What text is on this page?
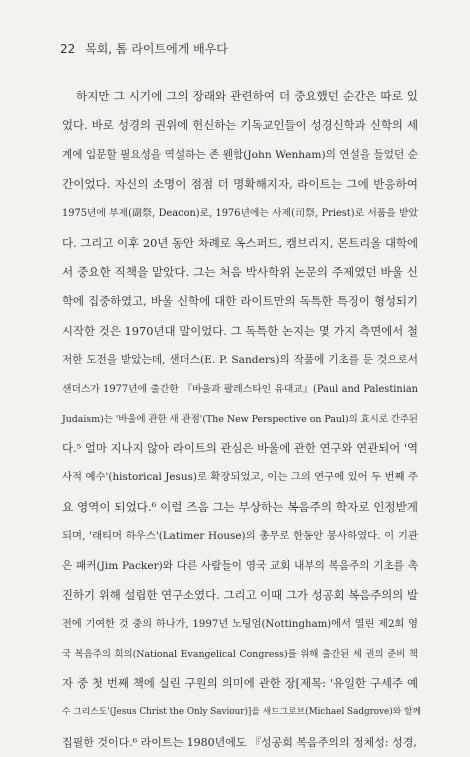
22 목회, 톰 라이트에게 배우다
하지만 그 시기에 그의 장래와 관련하여 더 중요했던 순간은 따로 있
었다. 바로 성경의 권위에 헌신하는 기독교인들이 성경신학과 신학의 세
계에 입문할 필요성을 역설하는 존 웬함(John Wenham)의 연설을 들었던 순
간이었다. 자신의 소명이 점점 더 명확해지자, 라이트는 그에 반응하여
1975년에 부제(副祭, Deacon)로, 1976년에는 사제(司祭, Priest)로 서품을 받았
다. 그리고 이후 20년 동안 차례로 옥스퍼드, 캠브리지, 몬트리올 대학에
서 중요한 직책을 맡았다. 그는 처음 박사학위 논문의 주제였던 바울 신
학에 집중하였고, 바울 신학에 대한 라이트만의 독특한 특징이 형성되기
시작한 것은 1970년대 말이었다. 그 독특한 논지는 몇 가지 측면에서 철
저한 도전을 받았는데, 샌더스(E. P. Sanders)의 작품에 기초를 둔 것으로서
샌더스가 1977년에 출간한 『바울과 팔레스타인 유대교』(Paul and Palestinian
Judaism)는 '바울에 관한 새 관점'(The New Perspective on Paul)의 효시로 간주된
다.⁵ 얼마 지나지 않아 라이트의 관심은 바울에 관한 연구와 연관되어 '역
사적 예수'(historical Jesus)로 확장되었고, 이는 그의 연구에 있어 두 번째 주
요 영역이 되었다.⁶ 이럴 즈음 그는 부상하는 복음주의 학자로 인정받게
되며, '래티머 하우스'(Latimer House)의 총무로 한동안 봉사하였다. 이 기관
은 패커(Jim Packer)와 다른 사람들이 영국 교회 내부의 복음주의 기초를 촉
진하기 위해 설립한 연구소였다. 그리고 이때 그가 성공회 복음주의의 발
전에 기여한 것 중의 하나가, 1997년 노팅엄(Nottingham)에서 열린 제2회 영
국 복음주의 회의(National Evangelical Congress)를 위해 출간된 세 권의 준비 책
자 중 첫 번째 책에 실린 구원의 의미에 관한 장[제목: '유일한 구세주 예
수 그리스도'(Jesus Christ the Only Saviour)]을 새드그로브(Michael Sadgrove)와 함께
집필한 것이다.⁶ 라이트는 1980년에도 『성공회 복음주의의 정체성: 성경,
